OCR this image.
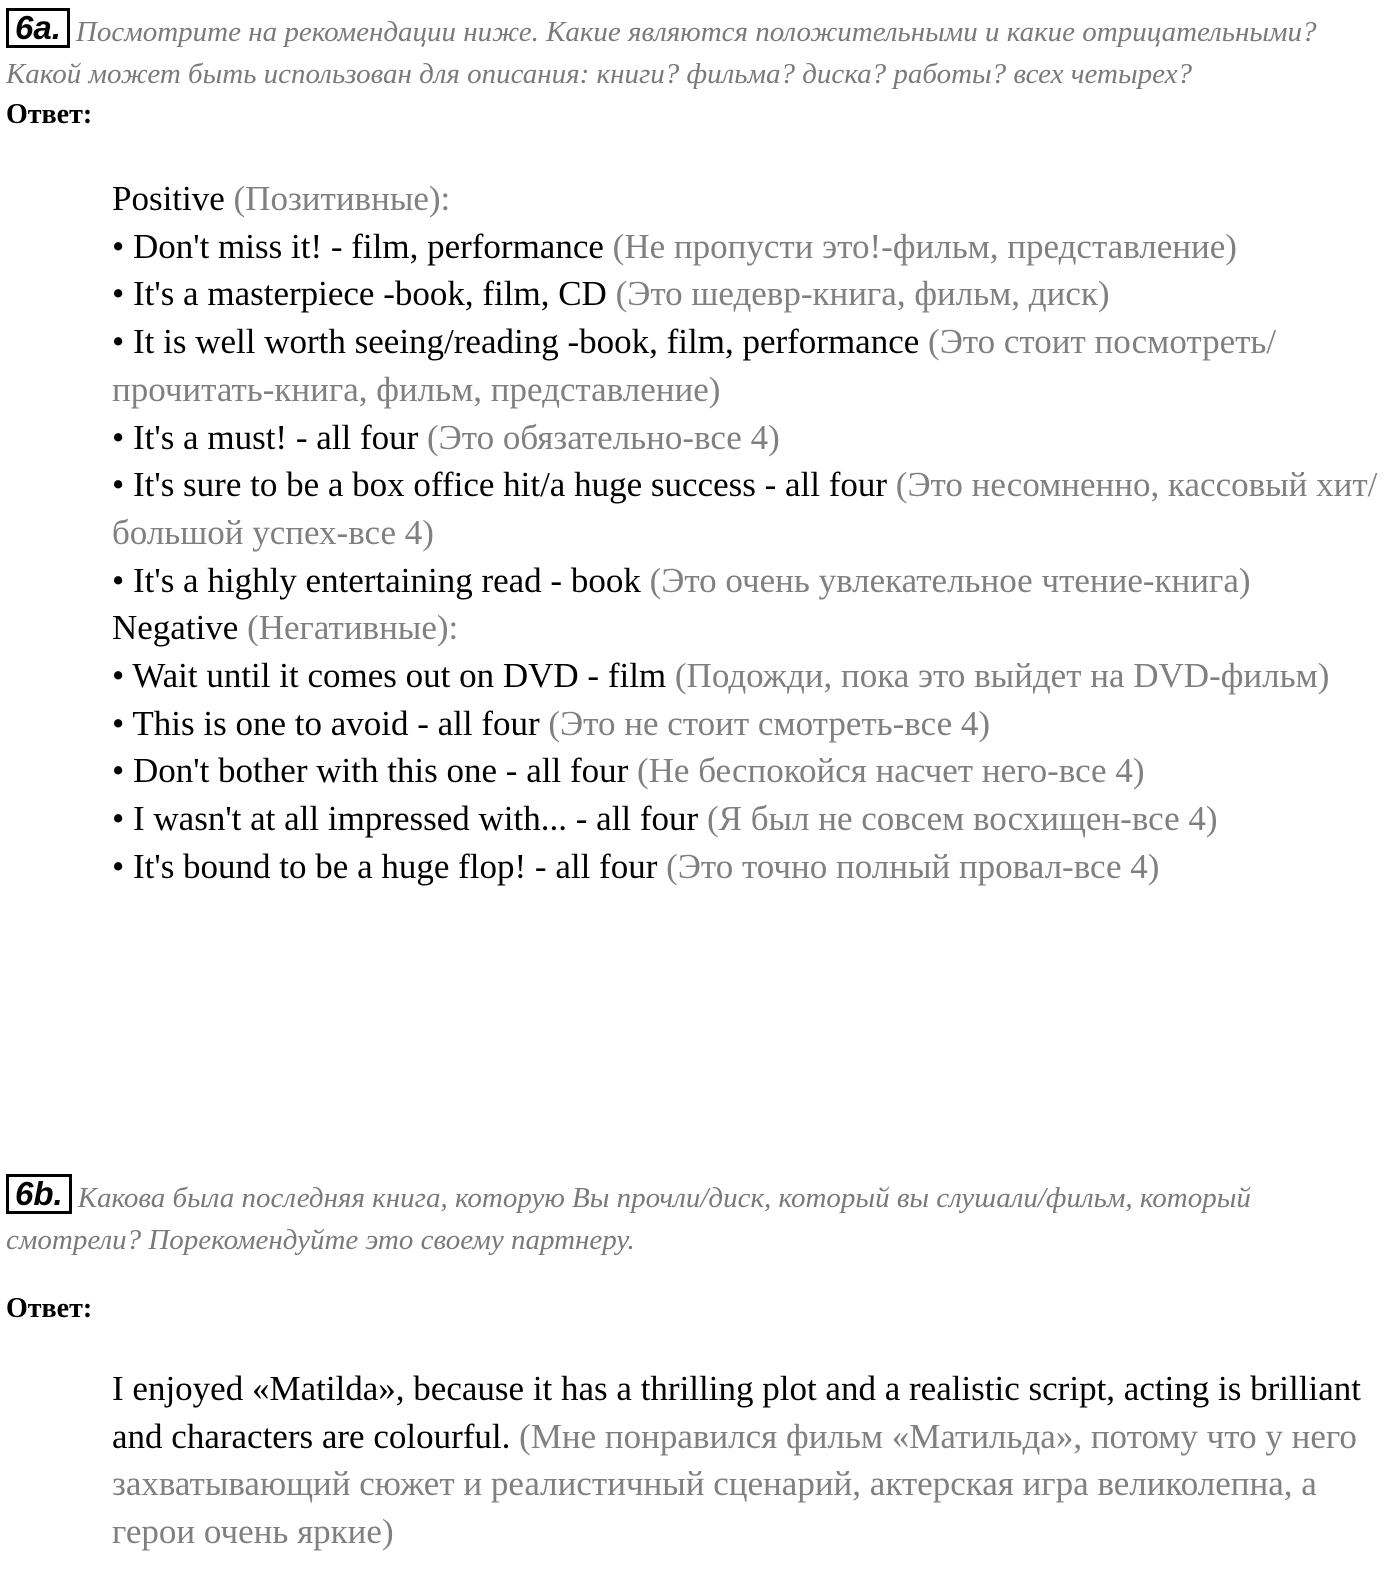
6a. Посмотрите на рекомендации ниже. Какие являются положительными и какие отрицательными? Какой может быть использован для описания: книги? фильма? диска? работы? всех четырех?
Ответ:

Positive (Позитивные):

• Don't miss it! - film, performance (Не пропусти это!-фильм, представление)

• It's a masterpiece -book, film, CD (Это шедевр-книга, фильм, диск)

• It is well worth seeing/reading -book, film, performance (Это стоит посмотреть/прочитать-книга, фильм, представление)

• It's a must! - all four (Это обязательно-все 4)

• It's sure to be a box office hit/a huge success - all four (Это несомненно, кассовый хит/большой успех-все 4)

• It's a highly entertaining read - book (Это очень увлекательное чтение-книга)

Negative (Негативные):

• Wait until it comes out on DVD - film (Подожди, пока это выйдет на DVD-фильм)

• This is one to avoid - all four (Это не стоит смотреть-все 4)

• Don't bother with this one - all four (Не беспокойся насчет него-все 4)

• I wasn't at all impressed with... - all four (Я был не совсем восхищен-все 4)

• It's bound to be a huge flop! - all four (Это точно полный провал-все 4)

6b. Какова была последняя книга, которую Вы прочли/диск, который вы слушали/фильм, который смотрели? Порекомендуйте это своему партнеру.
Ответ:

I enjoyed «Matilda», because it has a thrilling plot and a realistic script, acting is brilliant and characters are colourful. (Мне понравился фильм «Матильда», потому что у него захватывающий сюжет и реалистичный сценарий, актерская игра великолепна, а герои очень яркие)
